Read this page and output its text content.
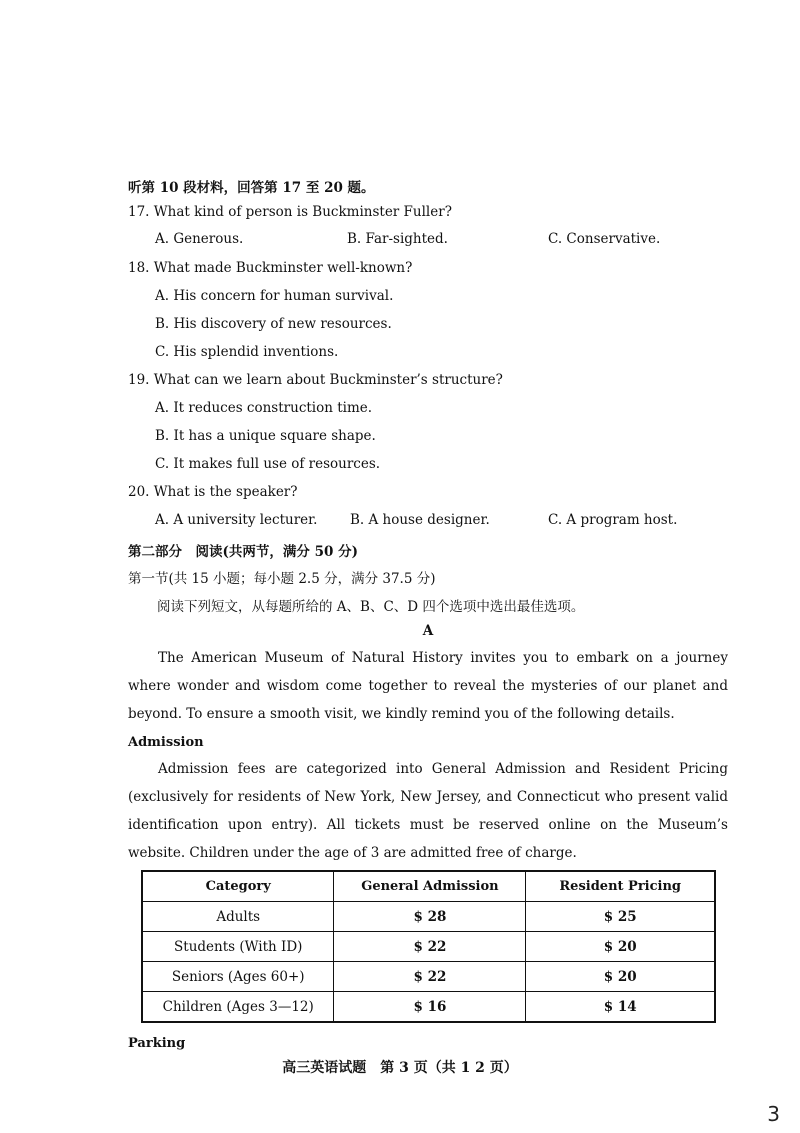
听第 10 段材料，回答第 17 至 20 题。
17. What kind of person is Buckminster Fuller?
A. Generous.	B. Far-sighted.	C. Conservative.
18. What made Buckminster well-known?
A. His concern for human survival.
B. His discovery of new resources.
C. His splendid inventions.
19. What can we learn about Buckminster’s structure?
A. It reduces construction time.
B. It has a unique square shape.
C. It makes full use of resources.
20. What is the speaker?
A. A university lecturer. B. A house designer.	C. A program host.
第二部分　阅读(共两节，满分 50 分)
第一节(共 15 小题；每小题 2.5 分，满分 37.5 分)
阅读下列短文，从每题所给的 A、B、C、D 四个选项中选出最佳选项。
A
The American Museum of Natural History invites you to embark on a journey where wonder and wisdom come together to reveal the mysteries of our planet and beyond. To ensure a smooth visit, we kindly remind you of the following details.
Admission
Admission fees are categorized into General Admission and Resident Pricing (exclusively for residents of New York, New Jersey, and Connecticut who present valid identification upon entry). All tickets must be reserved online on the Museum’s website. Children under the age of 3 are admitted free of charge.
Category	General Admission	Resident Pricing
Adults	$ 28	$ 25
Students (With ID)	$ 22	$ 20
Seniors (Ages 60+)	$ 22	$ 20
Children (Ages 3—12)	$ 16	$ 14
Parking
高三英语试题　第 3 页（共 1 2 页）
3
